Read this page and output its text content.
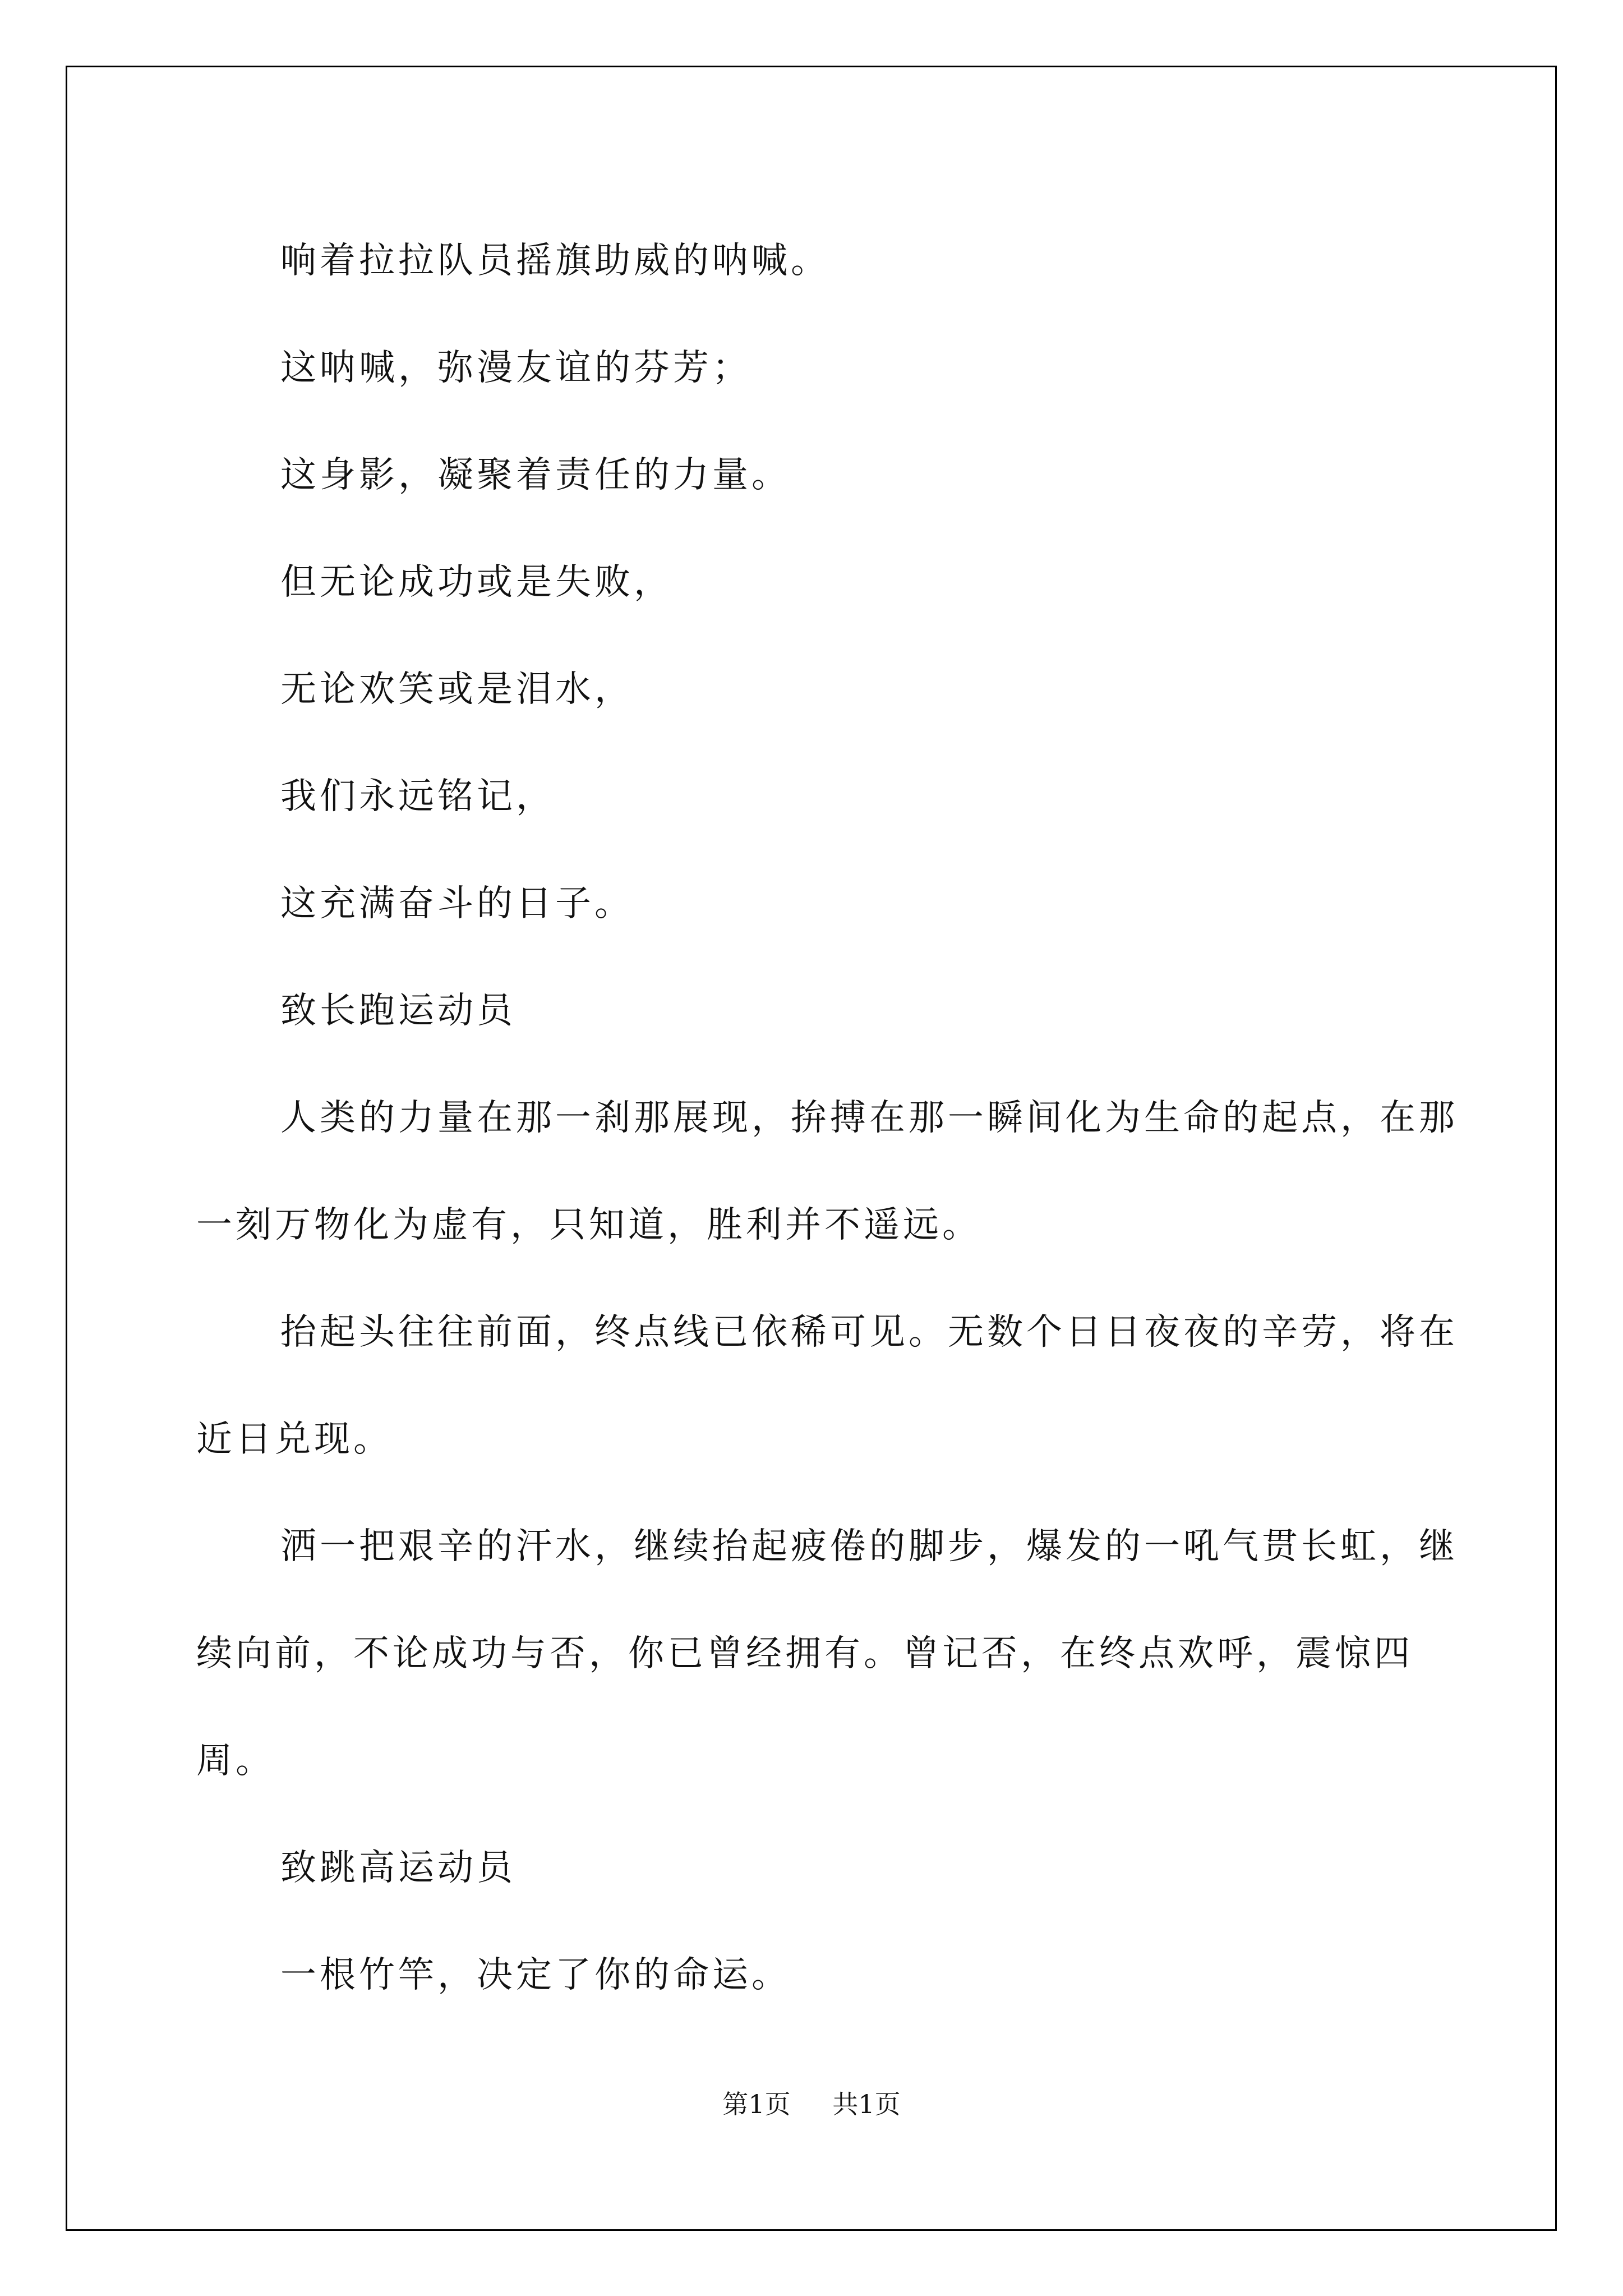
响着拉拉队员摇旗助威的呐喊。

这呐喊，弥漫友谊的芬芳；

这身影，凝聚着责任的力量。

但无论成功或是失败，

无论欢笑或是泪水，

我们永远铭记，

这充满奋斗的日子。

致长跑运动员

人类的力量在那一刹那展现，拚搏在那一瞬间化为生命的起点，在那一刻万物化为虚有，只知道，胜利并不遥远。

抬起头往往前面，终点线已依稀可见。无数个日日夜夜的辛劳，将在近日兑现。

洒一把艰辛的汗水，继续抬起疲倦的脚步，爆发的一吼气贯长虹，继续向前，不论成功与否，你已曾经拥有。曾记否，在终点欢呼，震惊四周。

致跳高运动员

一根竹竿，决定了你的命运。

第1页 共1页
